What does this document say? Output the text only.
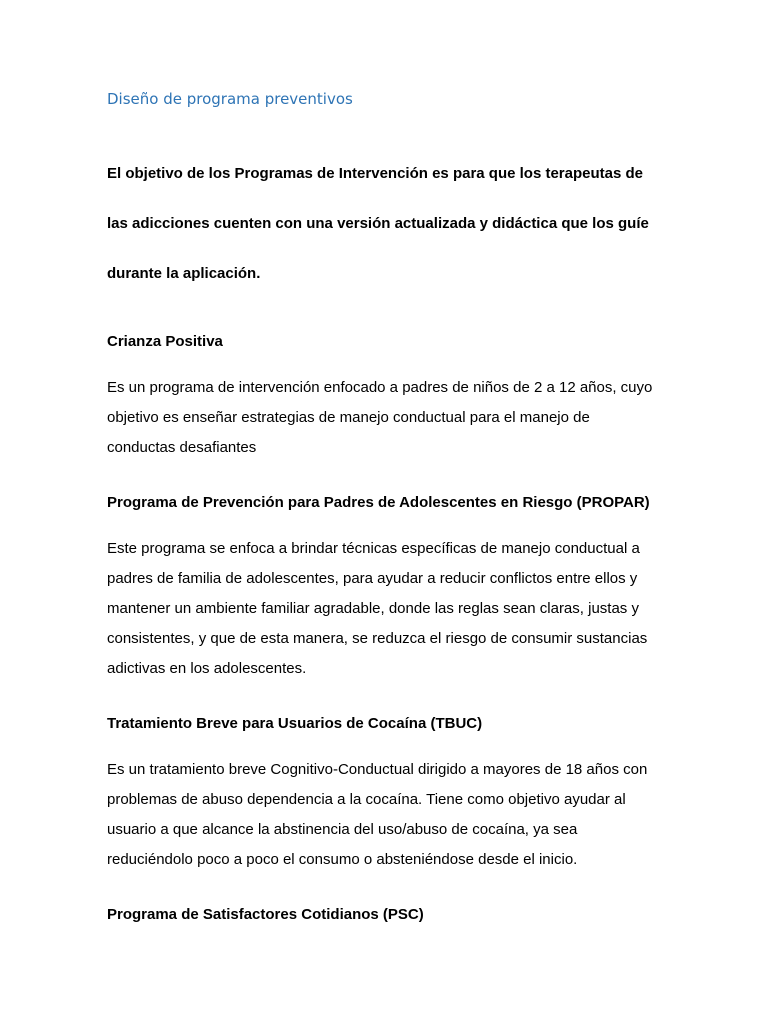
Diseño de programa preventivos

El objetivo de los Programas de Intervención es para que los terapeutas de
las adicciones cuenten con una versión actualizada y didáctica que los guíe
durante la aplicación.

Crianza Positiva

Es un programa de intervención enfocado a padres de niños de 2 a 12 años, cuyo
objetivo es enseñar estrategias de manejo conductual para el manejo de
conductas desafiantes

Programa de Prevención para Padres de Adolescentes en Riesgo (PROPAR)

Este programa se enfoca a brindar técnicas específicas de manejo conductual a
padres de familia de adolescentes, para ayudar a reducir conflictos entre ellos y
mantener un ambiente familiar agradable, donde las reglas sean claras, justas y
consistentes, y que de esta manera, se reduzca el riesgo de consumir sustancias
adictivas en los adolescentes.

Tratamiento Breve para Usuarios de Cocaína (TBUC)

Es un tratamiento breve Cognitivo-Conductual dirigido a mayores de 18 años con
problemas de abuso dependencia a la cocaína. Tiene como objetivo ayudar al
usuario a que alcance la abstinencia del uso/abuso de cocaína, ya sea
reduciéndolo poco a poco el consumo o absteniéndose desde el inicio.

Programa de Satisfactores Cotidianos (PSC)
